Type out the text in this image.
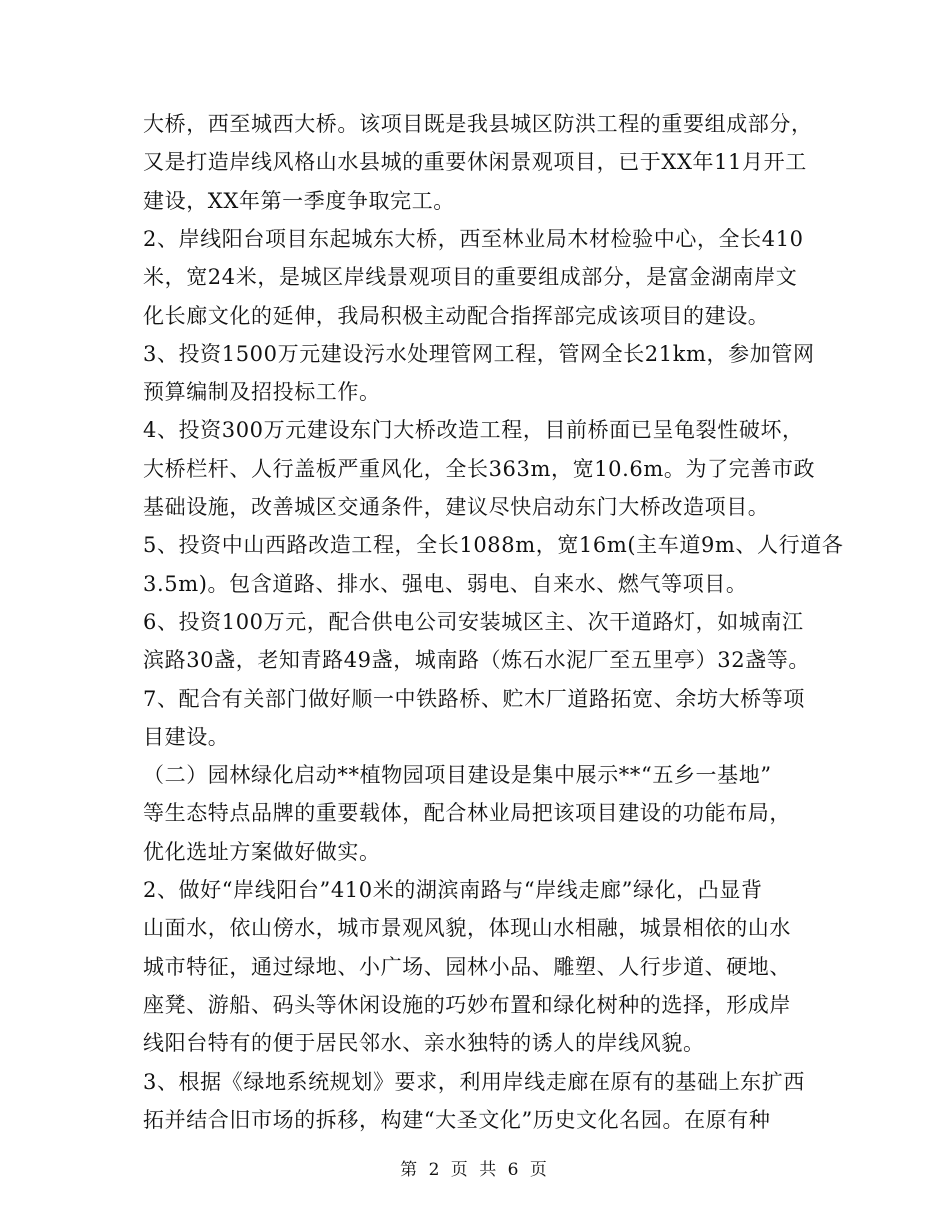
大桥，西至城西大桥。该项目既是我县城区防洪工程的重要组成部分，
又是打造岸线风格山水县城的重要休闲景观项目，已于XX年11月开工
建设，XX年第一季度争取完工。
2、岸线阳台项目东起城东大桥，西至林业局木材检验中心，全长410
米，宽24米，是城区岸线景观项目的重要组成部分，是富金湖南岸文
化长廊文化的延伸，我局积极主动配合指挥部完成该项目的建设。
3、投资1500万元建设污水处理管网工程，管网全长21km，参加管网
预算编制及招投标工作。
4、投资300万元建设东门大桥改造工程，目前桥面已呈龟裂性破坏，
大桥栏杆、人行盖板严重风化，全长363m，宽10.6m。为了完善市政
基础设施，改善城区交通条件，建议尽快启动东门大桥改造项目。
5、投资中山西路改造工程，全长1088m，宽16m(主车道9m、人行道各
3.5m)。包含道路、排水、强电、弱电、自来水、燃气等项目。
6、投资100万元，配合供电公司安装城区主、次干道路灯，如城南江
滨路30盏，老知青路49盏，城南路（炼石水泥厂至五里亭）32盏等。
7、配合有关部门做好顺一中铁路桥、贮木厂道路拓宽、余坊大桥等项
目建设。
（二）园林绿化启动**植物园项目建设是集中展示**“五乡一基地”
等生态特点品牌的重要载体，配合林业局把该项目建设的功能布局，
优化选址方案做好做实。
2、做好“岸线阳台”410米的湖滨南路与“岸线走廊”绿化，凸显背
山面水，依山傍水，城市景观风貌，体现山水相融，城景相依的山水
城市特征，通过绿地、小广场、园林小品、雕塑、人行步道、硬地、
座凳、游船、码头等休闲设施的巧妙布置和绿化树种的选择，形成岸
线阳台特有的便于居民邻水、亲水独特的诱人的岸线风貌。
3、根据《绿地系统规划》要求，利用岸线走廊在原有的基础上东扩西
拓并结合旧市场的拆移，构建“大圣文化”历史文化名园。在原有种
第 2 页 共 6 页
